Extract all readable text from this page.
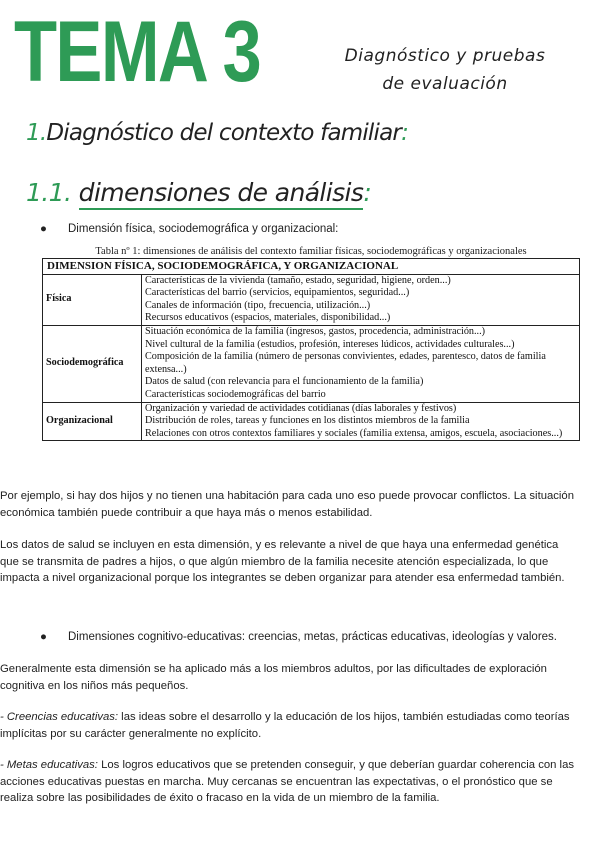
TEMA 3	Diagnóstico y pruebas
de evaluación
1.Diagnóstico del contexto familiar:
1.1. dimensiones de análisis:
● Dimensión física, sociodemográfica y organizacional:
Tabla nº 1: dimensiones de análisis del contexto familiar físicas, sociodemográficas y organizacionales
DIMENSION FÍSICA, SOCIODEMOGRÁFICA, Y ORGANIZACIONAL	
Física	Características de la vivienda (tamaño, estado, seguridad, higiene, orden...)
Características del barrio (servicios, equipamientos, seguridad...)
Canales de información (tipo, frecuencia, utilización...)
Recursos educativos (espacios, materiales, disponibilidad...)

Sociodemográfica	Situación económica de la familia (ingresos, gastos, procedencia, administración...)
Nivel cultural de la familia (estudios, profesión, intereses lúdicos, actividades culturales...)
Composición de la familia (número de personas convivientes, edades, parentesco, datos de familia extensa...)
Datos de salud (con relevancia para el funcionamiento de la familia)
Características sociodemográficas del barrio

Organizacional	Organización y variedad de actividades cotidianas (días laborales y festivos)
Distribución de roles, tareas y funciones en los distintos miembros de la familia
Relaciones con otros contextos familiares y sociales (familia extensa, amigos, escuela, asociaciones...)
Por ejemplo, si hay dos hijos y no tienen una habitación para cada uno eso puede provocar conflictos. La situación económica también puede contribuir a que haya más o menos estabilidad.
Los datos de salud se incluyen en esta dimensión, y es relevante a nivel de que haya una enfermedad genética que se transmita de padres a hijos, o que algún miembro de la familia necesite atención especializada, lo que impacta a nivel organizacional porque los integrantes se deben organizar para atender esa enfermedad también.
● Dimensiones cognitivo-educativas: creencias, metas, prácticas educativas, ideologías y valores.
Generalmente esta dimensión se ha aplicado más a los miembros adultos, por las dificultades de exploración cognitiva en los niños más pequeños.
- Creencias educativas: las ideas sobre el desarrollo y la educación de los hijos, también estudiadas como teorías implícitas por su carácter generalmente no explícito.
- Metas educativas: Los logros educativos que se pretenden conseguir, y que deberían guardar coherencia con las acciones educativas puestas en marcha. Muy cercanas se encuentran las expectativas, o el pronóstico que se realiza sobre las posibilidades de éxito o fracaso en la vida de un miembro de la familia.
